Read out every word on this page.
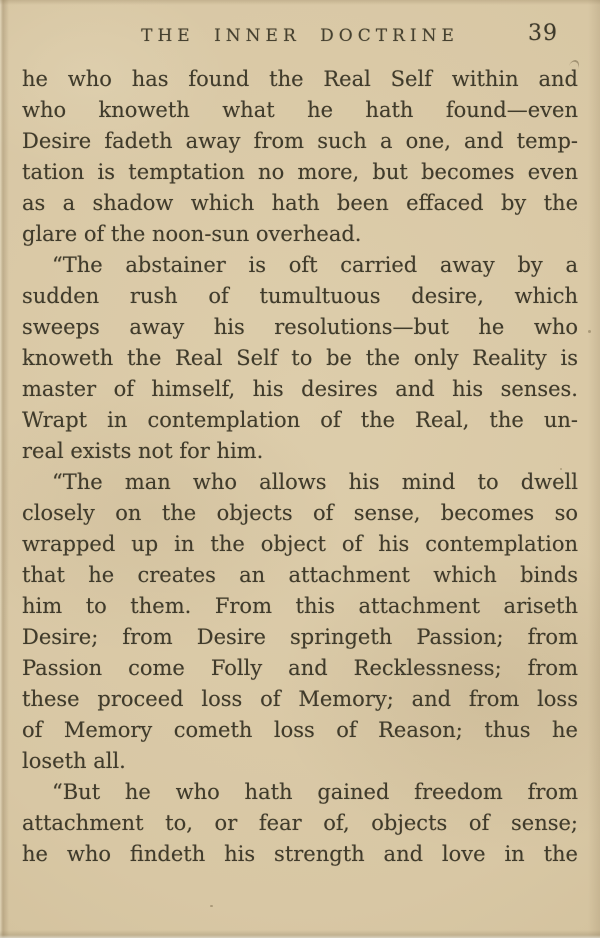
THE INNER DOCTRINE	39
he who has found the Real Self within and
who knoweth what he hath found—even
Desire fadeth away from such a one, and temp-
tation is temptation no more, but becomes even
as a shadow which hath been effaced by the
glare of the noon-sun overhead.
“The abstainer is oft carried away by a
sudden rush of tumultuous desire, which
sweeps away his resolutions—but he who
knoweth the Real Self to be the only Reality is
master of himself, his desires and his senses.
Wrapt in contemplation of the Real, the un-
real exists not for him.
“The man who allows his mind to dwell
closely on the objects of sense, becomes so
wrapped up in the object of his contemplation
that he creates an attachment which binds
him to them. From this attachment ariseth
Desire; from Desire springeth Passion; from
Passion come Folly and Recklessness; from
these proceed loss of Memory; and from loss
of Memory cometh loss of Reason; thus he
loseth all.
“But he who hath gained freedom from
attachment to, or fear of, objects of sense;
he who findeth his strength and love in the
